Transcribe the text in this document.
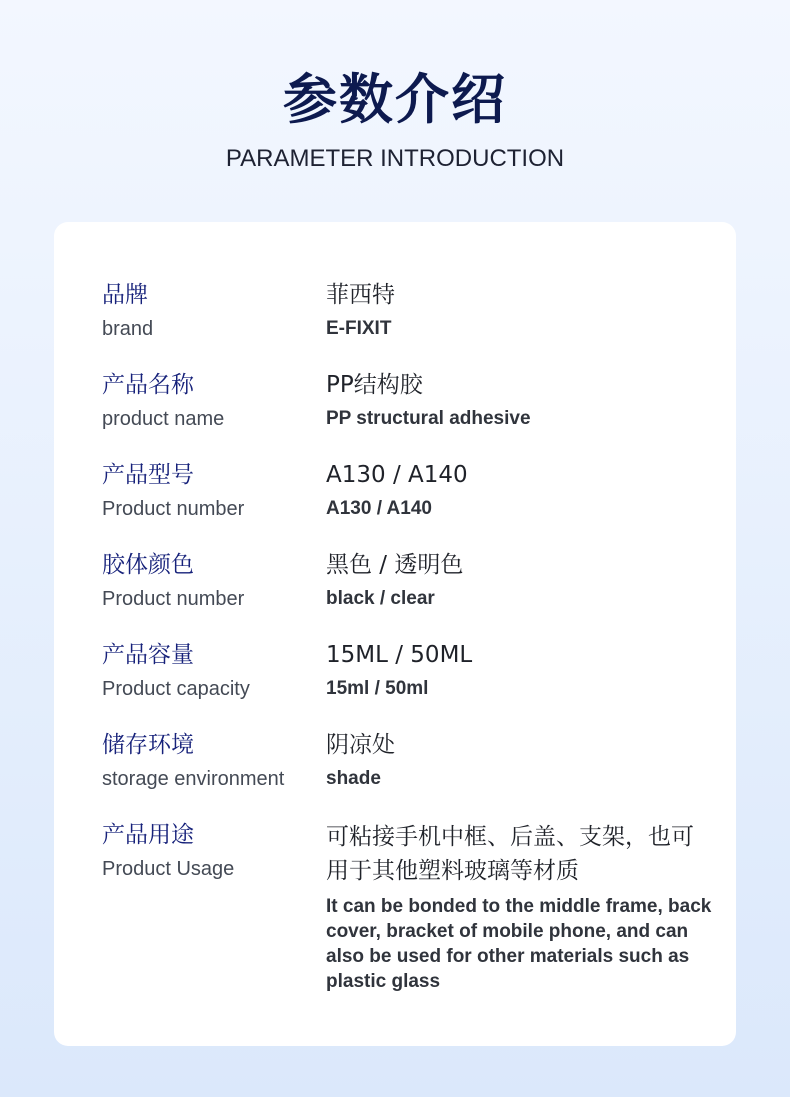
参数介绍
PARAMETER INTRODUCTION
品牌
brand
菲西特
E-FIXIT
产品名称
product name
PP结构胶
PP structural adhesive
产品型号
Product number
A130 / A140
A130 / A140
胶体颜色
Product number
黑色 / 透明色
black / clear
产品容量
Product capacity
15ML / 50ML
15ml / 50ml
储存环境
storage environment
阴凉处
shade
产品用途
Product Usage
可粘接手机中框、后盖、支架，也可用于其他塑料玻璃等材质
It can be bonded to the middle frame, back cover, bracket of mobile phone, and can also be used for other materials such as plastic glass
